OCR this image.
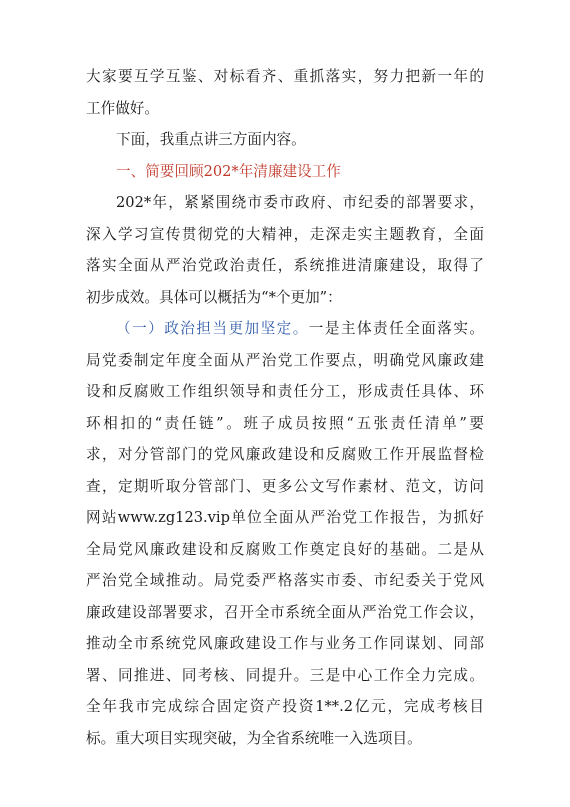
大家要互学互鉴、对标看齐、重抓落实，努力把新一年的
工作做好。
下面，我重点讲三方面内容。
一、简要回顾202*年清廉建设工作
202*年，紧紧围绕市委市政府、市纪委的部署要求，
深入学习宣传贯彻党的大精神，走深走实主题教育，全面
落实全面从严治党政治责任，系统推进清廉建设，取得了
初步成效。具体可以概括为“*个更加”：
（一）政治担当更加坚定。一是主体责任全面落实。
局党委制定年度全面从严治党工作要点，明确党风廉政建
设和反腐败工作组织领导和责任分工，形成责任具体、环
环相扣的“责任链”。班子成员按照“五张责任清单”要
求，对分管部门的党风廉政建设和反腐败工作开展监督检
查，定期听取分管部门、更多公文写作素材、范文，访问
网站www.zg123.vip单位全面从严治党工作报告，为抓好
全局党风廉政建设和反腐败工作奠定良好的基础。二是从
严治党全域推动。局党委严格落实市委、市纪委关于党风
廉政建设部署要求，召开全市系统全面从严治党工作会议，
推动全市系统党风廉政建设工作与业务工作同谋划、同部
署、同推进、同考核、同提升。三是中心工作全力完成。
全年我市完成综合固定资产投资1**.2亿元，完成考核目
标。重大项目实现突破，为全省系统唯一入选项目。
